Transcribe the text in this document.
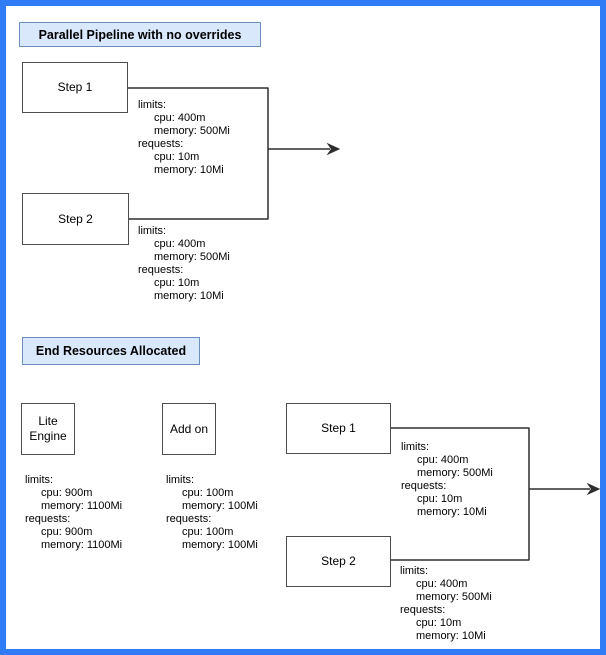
Parallel Pipeline with no overrides
Step 1
Step 2

limits:

cpu: 400m

memory: 500Mi

requests:

cpu: 10m

memory: 10Mi

limits:

cpu: 400m

memory: 500Mi

requests:

cpu: 10m

memory: 10Mi

End Resources Allocated
Lite
Engine
Add on	Step 1
Step 2

limits:

cpu: 900m

memory: 1100Mi

requests:

cpu: 900m

memory: 1100Mi

limits:

cpu: 100m

memory: 100Mi

requests:

cpu: 100m

memory: 100Mi

limits:

cpu: 400m

memory: 500Mi

requests:

cpu: 10m

memory: 10Mi

limits:

cpu: 400m

memory: 500Mi

requests:

cpu: 10m

memory: 10Mi
